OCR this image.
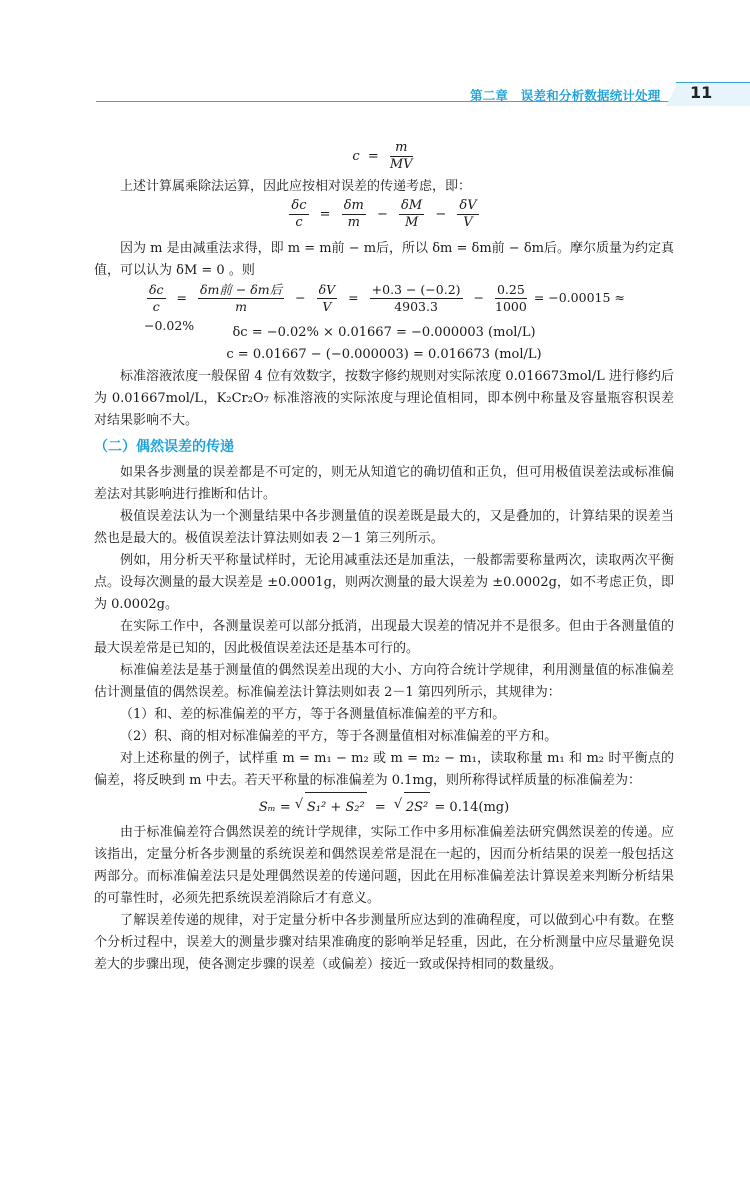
第二章　误差和分析数据统计处理 11
$c = \frac{m}{MV}$

上述计算属乘除法运算，因此应按相对误差的传递考虑，即：

$\frac{\delta c}{c} = \frac{\delta m}{m} - \frac{\delta M}{M} - \frac{\delta V}{V}$

因为 m 是由减重法求得，即 m = m前 − m后，所以 δm = δm前 − δm后。摩尔质量为约定真值，可以认为 δM = 0 。则

$\frac{\delta c}{c} = \frac{\text{δm前 − δm后}}{m} - \frac{\delta V}{V} = \frac{+0.3 - (-0.2)}{4903.3} - \frac{0.25}{1000} = -0.00015 \approx -0.02\%$	δc = −0.02% × 0.01667 = −0.000003 (mol/L)
c = 0.01667 − (−0.000003) = 0.016673 (mol/L)

标准溶液浓度一般保留 4 位有效数字，按数字修约规则对实际浓度 0.016673mol/L 进行修约后为 0.01667mol/L，K₂Cr₂O₇ 标准溶液的实际浓度与理论值相同，即本例中称量及容量瓶容积误差对结果影响不大。

（二）偶然误差的传递

如果各步测量的误差都是不可定的，则无从知道它的确切值和正负，但可用极值误差法或标准偏差法对其影响进行推断和估计。

极值误差法认为一个测量结果中各步测量值的误差既是最大的，又是叠加的，计算结果的误差当然也是最大的。极值误差法计算法则如表 2－1 第三列所示。

例如，用分析天平称量试样时，无论用减重法还是加重法，一般都需要称量两次，读取两次平衡点。设每次测量的最大误差是 ±0.0001g，则两次测量的最大误差为 ±0.0002g，如不考虑正负，即为 0.0002g。

在实际工作中，各测量误差可以部分抵消，出现最大误差的情况并不是很多。但由于各测量值的最大误差常是已知的，因此极值误差法还是基本可行的。

标准偏差法是基于测量值的偶然误差出现的大小、方向符合统计学规律，利用测量值的标准偏差估计测量值的偶然误差。标准偏差法计算法则如表 2－1 第四列所示，其规律为：

（1）和、差的标准偏差的平方，等于各测量值标准偏差的平方和。

（2）积、商的相对标准偏差的平方，等于各测量值相对标准偏差的平方和。

对上述称量的例子，试样重 m = m₁ − m₂ 或 m = m₂ − m₁，读取称量 m₁ 和 m₂ 时平衡点的偏差，将反映到 m 中去。若天平称量的标准偏差为 0.1mg，则所称得试样质量的标准偏差为：

Sₘ = √ S₁² + S₂² = √ 2S² = 0.14(mg)

由于标准偏差符合偶然误差的统计学规律，实际工作中多用标准偏差法研究偶然误差的传递。应该指出，定量分析各步测量的系统误差和偶然误差常是混在一起的，因而分析结果的误差一般包括这两部分。而标准偏差法只是处理偶然误差的传递问题，因此在用标准偏差法计算误差来判断分析结果的可靠性时，必须先把系统误差消除后才有意义。

了解误差传递的规律，对于定量分析中各步测量所应达到的准确程度，可以做到心中有数。在整个分析过程中，误差大的测量步骤对结果准确度的影响举足轻重，因此，在分析测量中应尽量避免误差大的步骤出现，使各测定步骤的误差（或偏差）接近一致或保持相同的数量级。
